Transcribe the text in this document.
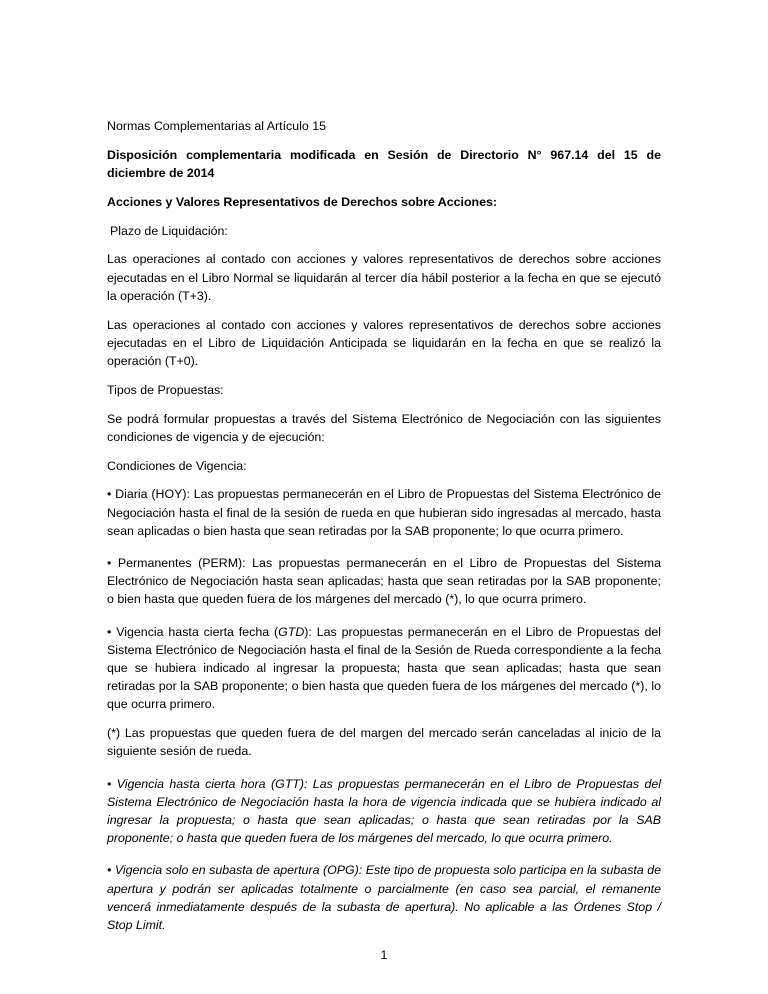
Normas Complementarias al Artículo 15

Disposición complementaria modificada en Sesión de Directorio N° 967.14 del 15 de diciembre de 2014

Acciones y Valores Representativos de Derechos sobre Acciones:

Plazo de Liquidación:

Las operaciones al contado con acciones y valores representativos de derechos sobre acciones ejecutadas en el Libro Normal se liquidarán al tercer día hábil posterior a la fecha en que se ejecutó la operación (T+3).

Las operaciones al contado con acciones y valores representativos de derechos sobre acciones ejecutadas en el Libro de Liquidación Anticipada se liquidarán en la fecha en que se realizó la operación (T+0).

Tipos de Propuestas:

Se podrá formular propuestas a través del Sistema Electrónico de Negociación con las siguientes condiciones de vigencia y de ejecución:

Condiciones de Vigencia:

• Diaria (HOY): Las propuestas permanecerán en el Libro de Propuestas del Sistema Electrónico de Negociación hasta el final de la sesión de rueda en que hubieran sido ingresadas al mercado, hasta sean aplicadas o bien hasta que sean retiradas por la SAB proponente; lo que ocurra primero.

• Permanentes (PERM): Las propuestas permanecerán en el Libro de Propuestas del Sistema Electrónico de Negociación hasta sean aplicadas; hasta que sean retiradas por la SAB proponente; o bien hasta que queden fuera de los márgenes del mercado (*), lo que ocurra primero.

• Vigencia hasta cierta fecha (GTD): Las propuestas permanecerán en el Libro de Propuestas del Sistema Electrónico de Negociación hasta el final de la Sesión de Rueda correspondiente a la fecha que se hubiera indicado al ingresar la propuesta; hasta que sean aplicadas; hasta que sean retiradas por la SAB proponente; o bien hasta que queden fuera de los márgenes del mercado (*), lo que ocurra primero.

(*) Las propuestas que queden fuera de del margen del mercado serán canceladas al inicio de la siguiente sesión de rueda.

• Vigencia hasta cierta hora (GTT): Las propuestas permanecerán en el Libro de Propuestas del Sistema Electrónico de Negociación hasta la hora de vigencia indicada que se hubiera indicado al ingresar la propuesta; o hasta que sean aplicadas; o hasta que sean retiradas por la SAB proponente; o hasta que queden fuera de los márgenes del mercado, lo que ocurra primero.

• Vigencia solo en subasta de apertura (OPG): Este tipo de propuesta solo participa en la subasta de apertura y podrán ser aplicadas totalmente o parcialmente (en caso sea parcial, el remanente vencerá inmediatamente después de la subasta de apertura). No aplicable a las Órdenes Stop / Stop Limit.

1
